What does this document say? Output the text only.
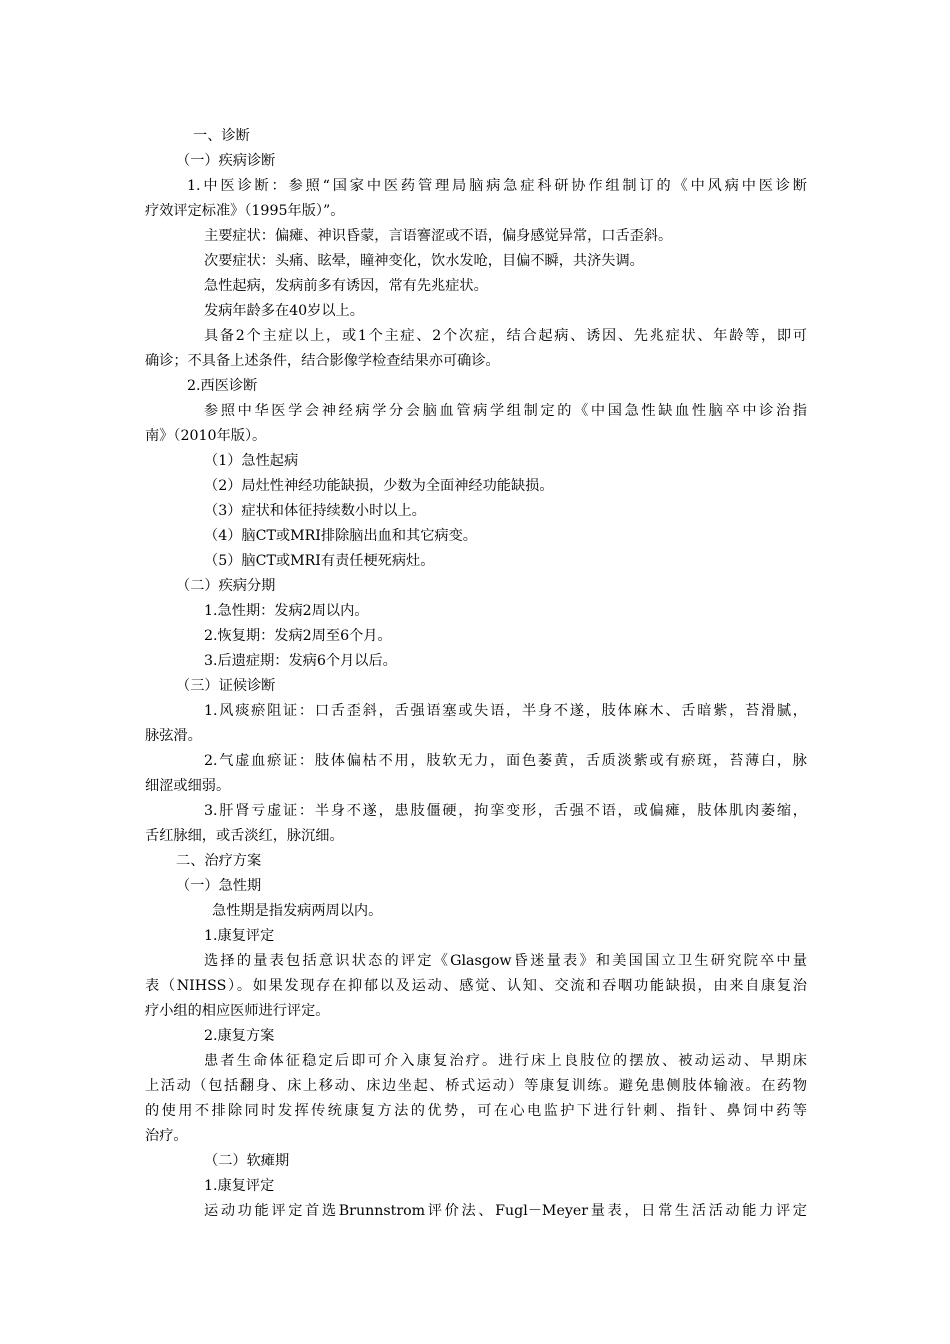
一、诊断
（一）疾病诊断
1.中医诊断：参照“国家中医药管理局脑病急症科研协作组制订的《中风病中医诊断
疗效评定标准》（1995年版）”。
主要症状：偏瘫、神识昏蒙，言语謇涩或不语，偏身感觉异常，口舌歪斜。
次要症状：头痛、眩晕，瞳神变化，饮水发呛，目偏不瞬，共济失调。
急性起病，发病前多有诱因，常有先兆症状。
发病年龄多在40岁以上。
具备2个主症以上，或1个主症、2个次症，结合起病、诱因、先兆症状、年龄等，即可
确诊；不具备上述条件，结合影像学检查结果亦可确诊。
2.西医诊断
参照中华医学会神经病学分会脑血管病学组制定的《中国急性缺血性脑卒中诊治指
南》（2010年版）。
（1）急性起病
（2）局灶性神经功能缺损，少数为全面神经功能缺损。
（3）症状和体征持续数小时以上。
（4）脑CT或MRI排除脑出血和其它病变。
（5）脑CT或MRI有责任梗死病灶。
（二）疾病分期
1.急性期：发病2周以内。
2.恢复期：发病2周至6个月。
3.后遗症期：发病6个月以后。
（三）证候诊断
1.风痰瘀阻证：口舌歪斜，舌强语塞或失语，半身不遂，肢体麻木、舌暗紫，苔滑腻，
脉弦滑。
2.气虚血瘀证：肢体偏枯不用，肢软无力，面色萎黄，舌质淡紫或有瘀斑，苔薄白，脉
细涩或细弱。
3.肝肾亏虚证：半身不遂，患肢僵硬，拘挛变形，舌强不语，或偏瘫，肢体肌肉萎缩，
舌红脉细，或舌淡红，脉沉细。
二、治疗方案
（一）急性期
急性期是指发病两周以内。
1.康复评定
选择的量表包括意识状态的评定《Glasgow昏迷量表》和美国国立卫生研究院卒中量
表（NIHSS）。如果发现存在抑郁以及运动、感觉、认知、交流和吞咽功能缺损，由来自康复治
疗小组的相应医师进行评定。
2.康复方案
患者生命体征稳定后即可介入康复治疗。进行床上良肢位的摆放、被动运动、早期床
上活动（包括翻身、床上移动、床边坐起、桥式运动）等康复训练。避免患侧肢体输液。在药物
的使用不排除同时发挥传统康复方法的优势，可在心电监护下进行针刺、指针、鼻饲中药等
治疗。
（二）软瘫期
1.康复评定
运动功能评定首选Brunnstrom评价法、Fugl－Meyer量表，日常生活活动能力评定
